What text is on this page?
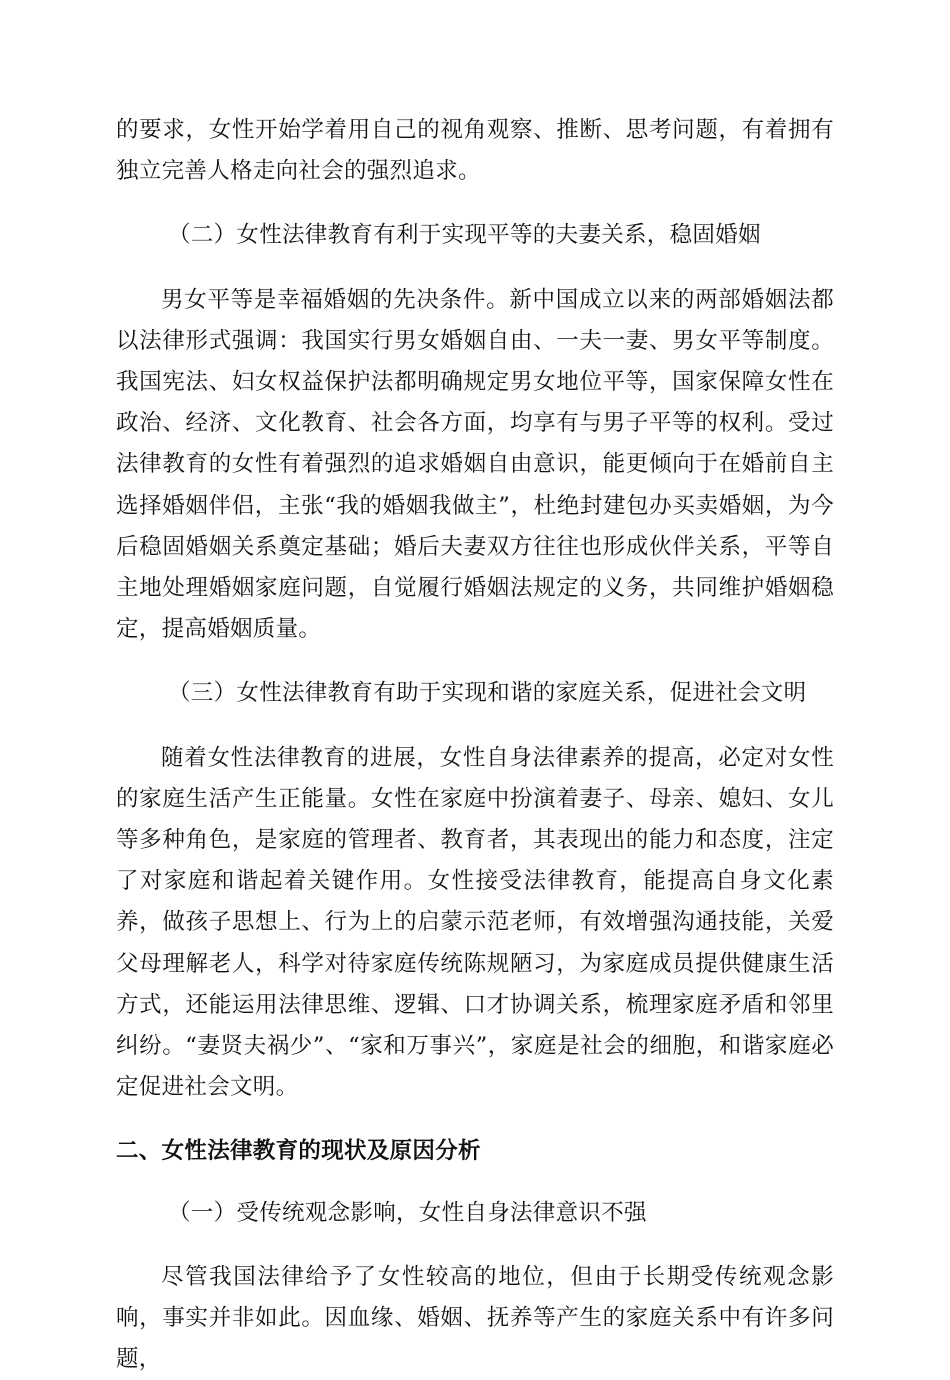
的要求，女性开始学着用自己的视角观察、推断、思考问题，有着拥有独立完善人格走向社会的强烈追求。

（二）女性法律教育有利于实现平等的夫妻关系，稳固婚姻

男女平等是幸福婚姻的先决条件。新中国成立以来的两部婚姻法都以法律形式强调：我国实行男女婚姻自由、一夫一妻、男女平等制度。我国宪法、妇女权益保护法都明确规定男女地位平等，国家保障女性在政治、经济、文化教育、社会各方面，均享有与男子平等的权利。受过法律教育的女性有着强烈的追求婚姻自由意识，能更倾向于在婚前自主选择婚姻伴侣，主张“我的婚姻我做主”，杜绝封建包办买卖婚姻，为今后稳固婚姻关系奠定基础；婚后夫妻双方往往也形成伙伴关系，平等自主地处理婚姻家庭问题，自觉履行婚姻法规定的义务，共同维护婚姻稳定，提高婚姻质量。

（三）女性法律教育有助于实现和谐的家庭关系，促进社会文明

随着女性法律教育的进展，女性自身法律素养的提高，必定对女性的家庭生活产生正能量。女性在家庭中扮演着妻子、母亲、媳妇、女儿等多种角色，是家庭的管理者、教育者，其表现出的能力和态度，注定了对家庭和谐起着关键作用。女性接受法律教育，能提高自身文化素养，做孩子思想上、行为上的启蒙示范老师，有效增强沟通技能，关爱父母理解老人，科学对待家庭传统陈规陋习，为家庭成员提供健康生活方式，还能运用法律思维、逻辑、口才协调关系，梳理家庭矛盾和邻里纠纷。“妻贤夫祸少”、“家和万事兴”，家庭是社会的细胞，和谐家庭必定促进社会文明。

二、女性法律教育的现状及原因分析

（一）受传统观念影响，女性自身法律意识不强

尽管我国法律给予了女性较高的地位，但由于长期受传统观念影响，事实并非如此。因血缘、婚姻、抚养等产生的家庭关系中有许多问题，
